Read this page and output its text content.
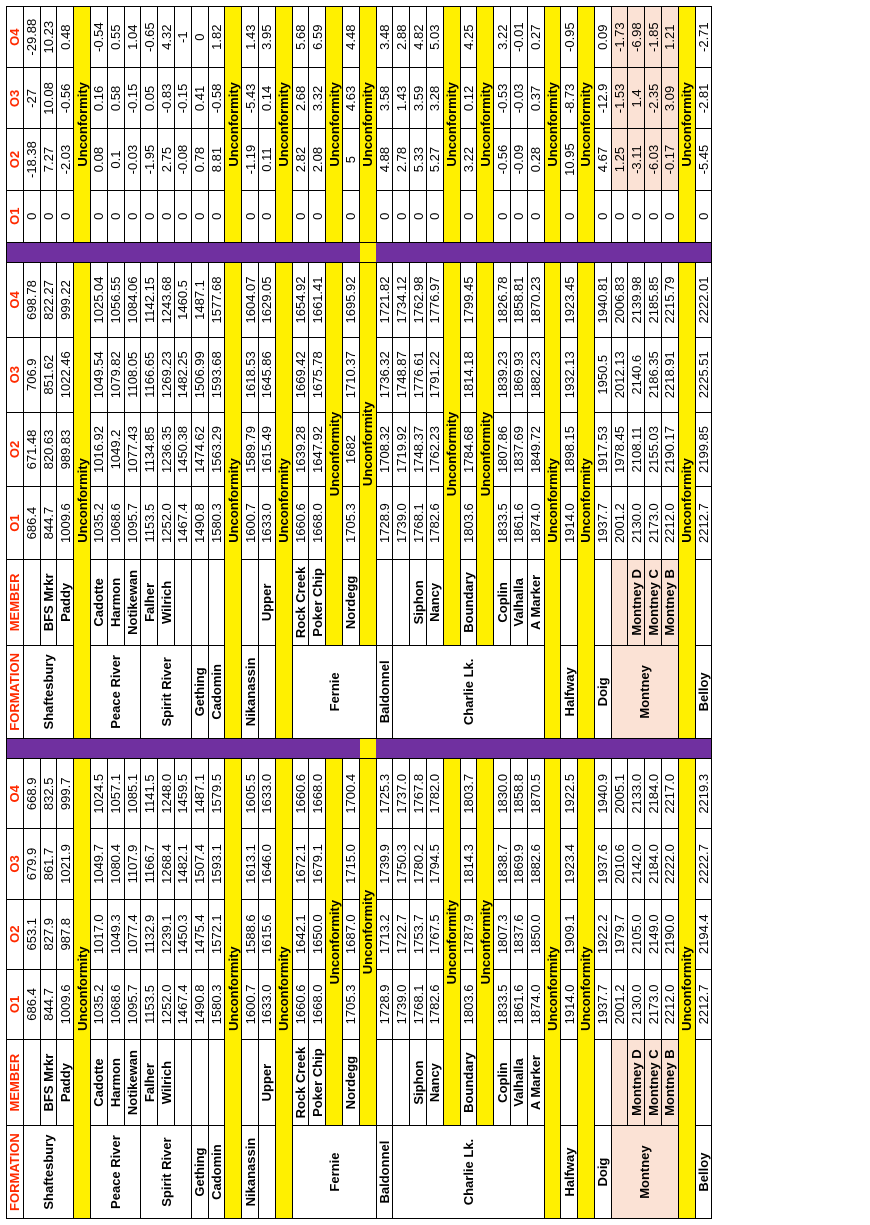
FORMATION	MEMBER	O1	O2	O3	O4		FORMATION	MEMBER	O1	O2	O3	O4		O1	O2	O3	O4
Shaftesbury		686.4	653.1	679.9	668.9		Shaftesbury		686.4	671.48	706.9	698.78		0	-18.38	-27	-29.88
	BFS Mrkr	844.7	827.9	861.7	832.5			BFS Mrkr	844.7	820.63	851.62	822.27		0	7.27	10.08	10.23
	Paddy	1009.6	987.8	1021.9	999.7			Paddy	1009.6	989.83	1022.46	999.22		0	-2.03	-0.56	0.48
Unconformity							Unconformity							Unconformity			
Peace River	Cadotte	1035.2	1017.0	1049.7	1024.5		Peace River	Cadotte	1035.2	1016.92	1049.54	1025.04		0	0.08	0.16	-0.54
	Harmon	1068.6	1049.3	1080.4	1057.1			Harmon	1068.6	1049.2	1079.82	1056.55		0	0.1	0.58	0.55
	Notikewan	1095.7	1077.4	1107.9	1085.1			Notikewan	1095.7	1077.43	1108.05	1084.06		0	-0.03	-0.15	1.04
Spirit River	Falher	1153.5	1132.9	1166.7	1141.5		Spirit River	Falher	1153.5	1134.85	1166.65	1142.15		0	-1.95	0.05	-0.65
	Wilrich	1252.0	1239.1	1268.4	1248.0			Wilrich	1252.0	1236.35	1269.23	1243.68		0	2.75	-0.83	4.32
		1467.4	1450.3	1482.1	1459.5				1467.4	1450.38	1482.25	1460.5		0	-0.08	-0.15	-1
Gething		1490.8	1475.4	1507.4	1487.1		Gething		1490.8	1474.62	1506.99	1487.1		0	0.78	0.41	0
Cadomin		1580.3	1572.1	1593.1	1579.5		Cadomin		1580.3	1563.29	1593.68	1577.68		0	8.81	-0.58	1.82
Unconformity							Unconformity							Unconformity			
Nikanassin		1600.7	1588.6	1613.1	1605.5		Nikanassin		1600.7	1589.79	1618.53	1604.07		0	-1.19	-5.43	1.43
	Upper	1633.0	1615.6	1646.0	1633.0			Upper	1633.0	1615.49	1645.86	1629.05		0	0.11	0.14	3.95
Unconformity							Unconformity							Unconformity			
Fernie	Rock Creek	1660.6	1642.1	1672.1	1660.6		Fernie	Rock Creek	1660.6	1639.28	1669.42	1654.92		0	2.82	2.68	5.68
	Poker Chip	1668.0	1650.0	1679.1	1668.0			Poker Chip	1668.0	1647.92	1675.78	1661.41		0	2.08	3.32	6.59
	Unconformity							Unconformity						Unconformity			
	Nordegg	1705.3	1687.0	1715.0	1700.4			Nordegg	1705.3	1682	1710.37	1695.92		0	5	4.63	4.48
	Unconformity							Unconformity						Unconformity			
Baldonnel		1728.9	1713.2	1739.9	1725.3		Baldonnel		1728.9	1708.32	1736.32	1721.82		0	4.88	3.58	3.48
Charlie Lk.		1739.0	1722.7	1750.3	1737.0		Charlie Lk.		1739.0	1719.92	1748.87	1734.12		0	2.78	1.43	2.88
	Siphon	1768.1	1753.7	1780.2	1767.8			Siphon	1768.1	1748.37	1776.61	1762.98		0	5.33	3.59	4.82
	Nancy	1782.6	1767.5	1794.5	1782.0			Nancy	1782.6	1762.23	1791.22	1776.97		0	5.27	3.28	5.03
	Unconformity							Unconformity						Unconformity			
	Boundary	1803.6	1787.9	1814.3	1803.7			Boundary	1803.6	1784.68	1814.18	1799.45		0	3.22	0.12	4.25
	Unconformity							Unconformity						Unconformity			
	Coplin	1833.5	1807.3	1838.7	1830.0			Coplin	1833.5	1807.86	1839.23	1826.78		0	-0.56	-0.53	3.22
	Valhalla	1861.6	1837.6	1869.9	1858.8			Valhalla	1861.6	1837.69	1869.93	1858.81		0	-0.09	-0.03	-0.01
	A Marker	1874.0	1850.0	1882.6	1870.5			A Marker	1874.0	1849.72	1882.23	1870.23		0	0.28	0.37	0.27
Unconformity							Unconformity							Unconformity			
Halfway		1914.0	1909.1	1923.4	1922.5		Halfway		1914.0	1898.15	1932.13	1923.45		0	10.95	-8.73	-0.95
Unconformity							Unconformity							Unconformity			
Doig		1937.7	1922.2	1937.6	1940.9		Doig		1937.7	1917.53	1950.5	1940.81		0	4.67	-12.9	0.09
Montney		2001.2	1979.7	2010.6	2005.1		Montney		2001.2	1978.45	2012.13	2006.83		0	1.25	-1.53	-1.73
	Montney D	2130.0	2105.0	2142.0	2133.0			Montney D	2130.0	2108.11	2140.6	2139.98		0	-3.11	1.4	-6.98
	Montney C	2173.0	2149.0	2184.0	2184.0			Montney C	2173.0	2155.03	2186.35	2185.85		0	-6.03	-2.35	-1.85
	Montney B	2212.0	2190.0	2222.0	2217.0			Montney B	2212.0	2190.17	2218.91	2215.79		0	-0.17	3.09	1.21
Unconformity							Unconformity							Unconformity			
Belloy		2212.7	2194.4	2222.7	2219.3		Belloy		2212.7	2199.85	2225.51	2222.01		0	-5.45	-2.81	-2.71
